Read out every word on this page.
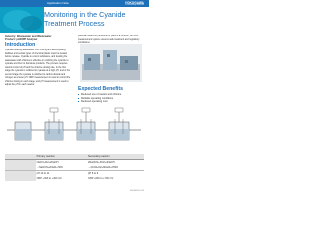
Application Note	YOKOGAWA
Co-innovating tomorrow
Monitoring in the Cyanide
Treatment Process
Industry: Wastewater and Wastewater
Product: pH/ORP Analyzer
Introduction
Cyanide-bearing wastewater from mining and electroplating facilities and certain types of chemical plants must be treated before release. Cyanide is a toxic substance, and treating the wastewater with chlorine is effective in oxidizing the cyanide to cyanate and then to harmless products. The process requires careful control of pH and the chlorine dosing rate. In the first stage the cyanide is oxidized to cyanate at a high pH, and in the second stage the cyanate is oxidized to carbon dioxide and nitrogen at a lower pH. ORP measurement is used to control the chlorine dosing in each stage, and pH measurement is used to adjust the pH in each reactor.
potential hazard to personnel or plant is a concern; an ORP measurement system ensures safe treatment and regulatory compliance.
Expected Benefits
Reduced use of caustic and chlorine
Reliable operating conditions
Reduced operating cost
	Primary reaction	Secondary reaction
	NaCN+Cl2+2NaOH	2NaOCN+3Cl2+4NaOH
	→NaOCN+2NaCl+H2O	→2CO2+N2+6NaCl+2H2O
	pH 10 to 11	pH 8 to 9
	ORP +300 to +400 mV	ORP +600 to +700 mV
AN10B01K01-01E
